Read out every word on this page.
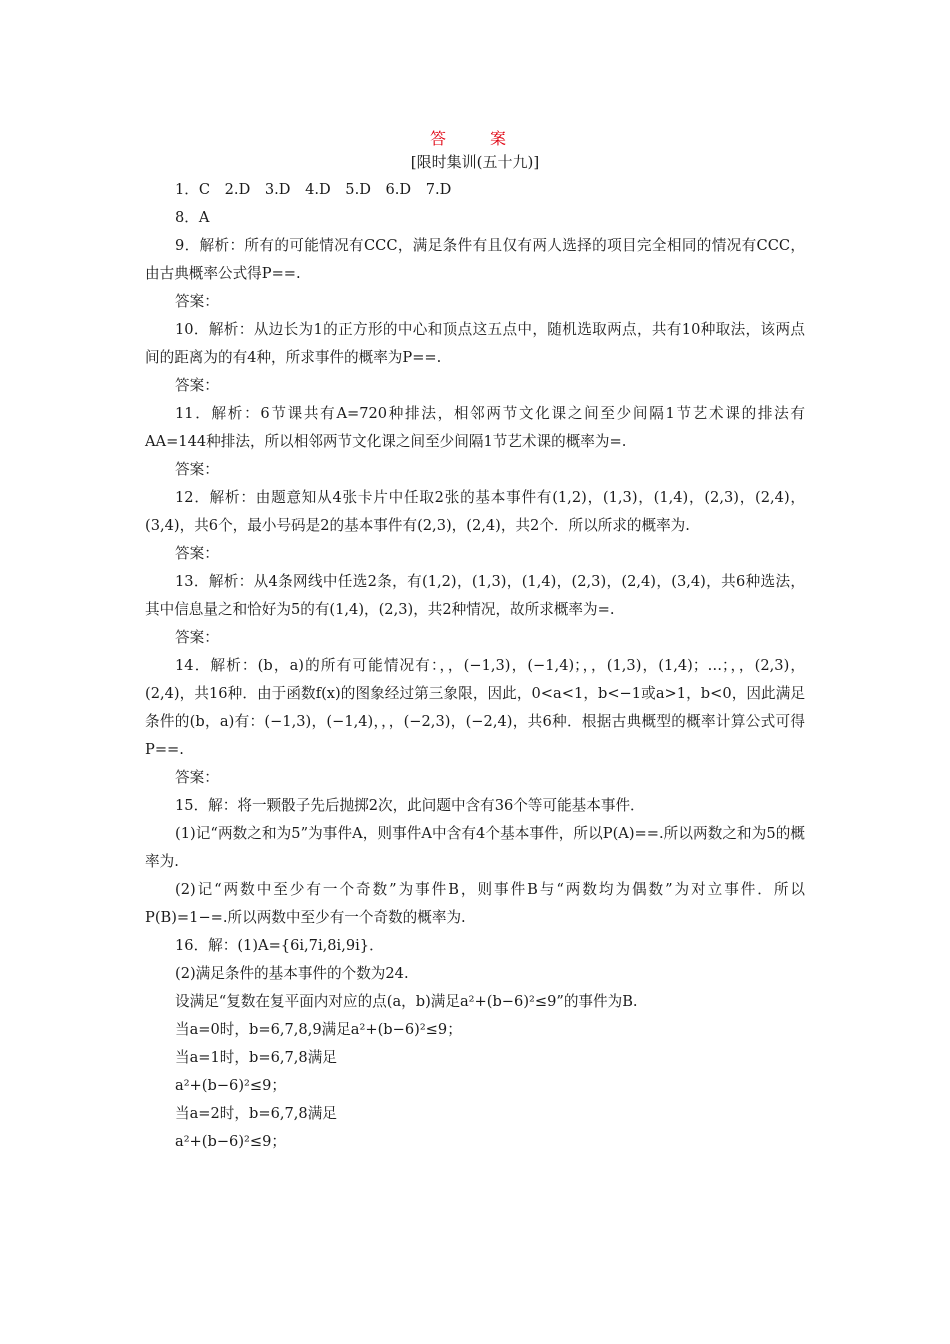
答　案
[限时集训(五十九)]

1．C　2.D　3.D　4.D　5.D　6.D　7.D

8．A

9．解析：所有的可能情况有CCC，满足条件有且仅有两人选择的项目完全相同的情况有CCC，由古典概率公式得P==.

答案：

10．解析：从边长为1的正方形的中心和顶点这五点中，随机选取两点，共有10种取法，该两点间的距离为的有4种，所求事件的概率为P==.

答案：

11．解析：6节课共有A=720种排法，相邻两节文化课之间至少间隔1节艺术课的排法有AA=144种排法，所以相邻两节文化课之间至少间隔1节艺术课的概率为=.

答案：

12．解析：由题意知从4张卡片中任取2张的基本事件有(1,2)，(1,3)，(1,4)，(2,3)，(2,4)，(3,4)，共6个，最小号码是2的基本事件有(2,3)，(2,4)，共2个．所以所求的概率为.

答案：

13．解析：从4条网线中任选2条，有(1,2)，(1,3)，(1,4)，(2,3)，(2,4)，(3,4)，共6种选法，其中信息量之和恰好为5的有(1,4)，(2,3)，共2种情况，故所求概率为=.

答案：

14．解析：(b，a)的所有可能情况有：，，(−1,3)，(−1,4)；，，(1,3)，(1,4)；…；，，(2,3)，(2,4)，共16种．由于函数f(x)的图象经过第三象限，因此，0<a<1，b<−1或a>1，b<0，因此满足条件的(b，a)有：(−1,3)，(−1,4)，，，(−2,3)，(−2,4)，共6种．根据古典概型的概率计算公式可得P==.

答案：

15．解：将一颗骰子先后抛掷2次，此问题中含有36个等可能基本事件．

(1)记“两数之和为5”为事件A，则事件A中含有4个基本事件，所以P(A)==.所以两数之和为5的概率为.

(2)记“两数中至少有一个奇数”为事件B，则事件B与“两数均为偶数”为对立事件．所以P(B)=1−=.所以两数中至少有一个奇数的概率为.

16．解：(1)A={6i,7i,8i,9i}．

(2)满足条件的基本事件的个数为24.

设满足“复数在复平面内对应的点(a，b)满足a²+(b−6)²≤9”的事件为B.

当a=0时，b=6,7,8,9满足a²+(b−6)²≤9；

当a=1时，b=6,7,8满足

a²+(b−6)²≤9；

当a=2时，b=6,7,8满足

a²+(b−6)²≤9；
